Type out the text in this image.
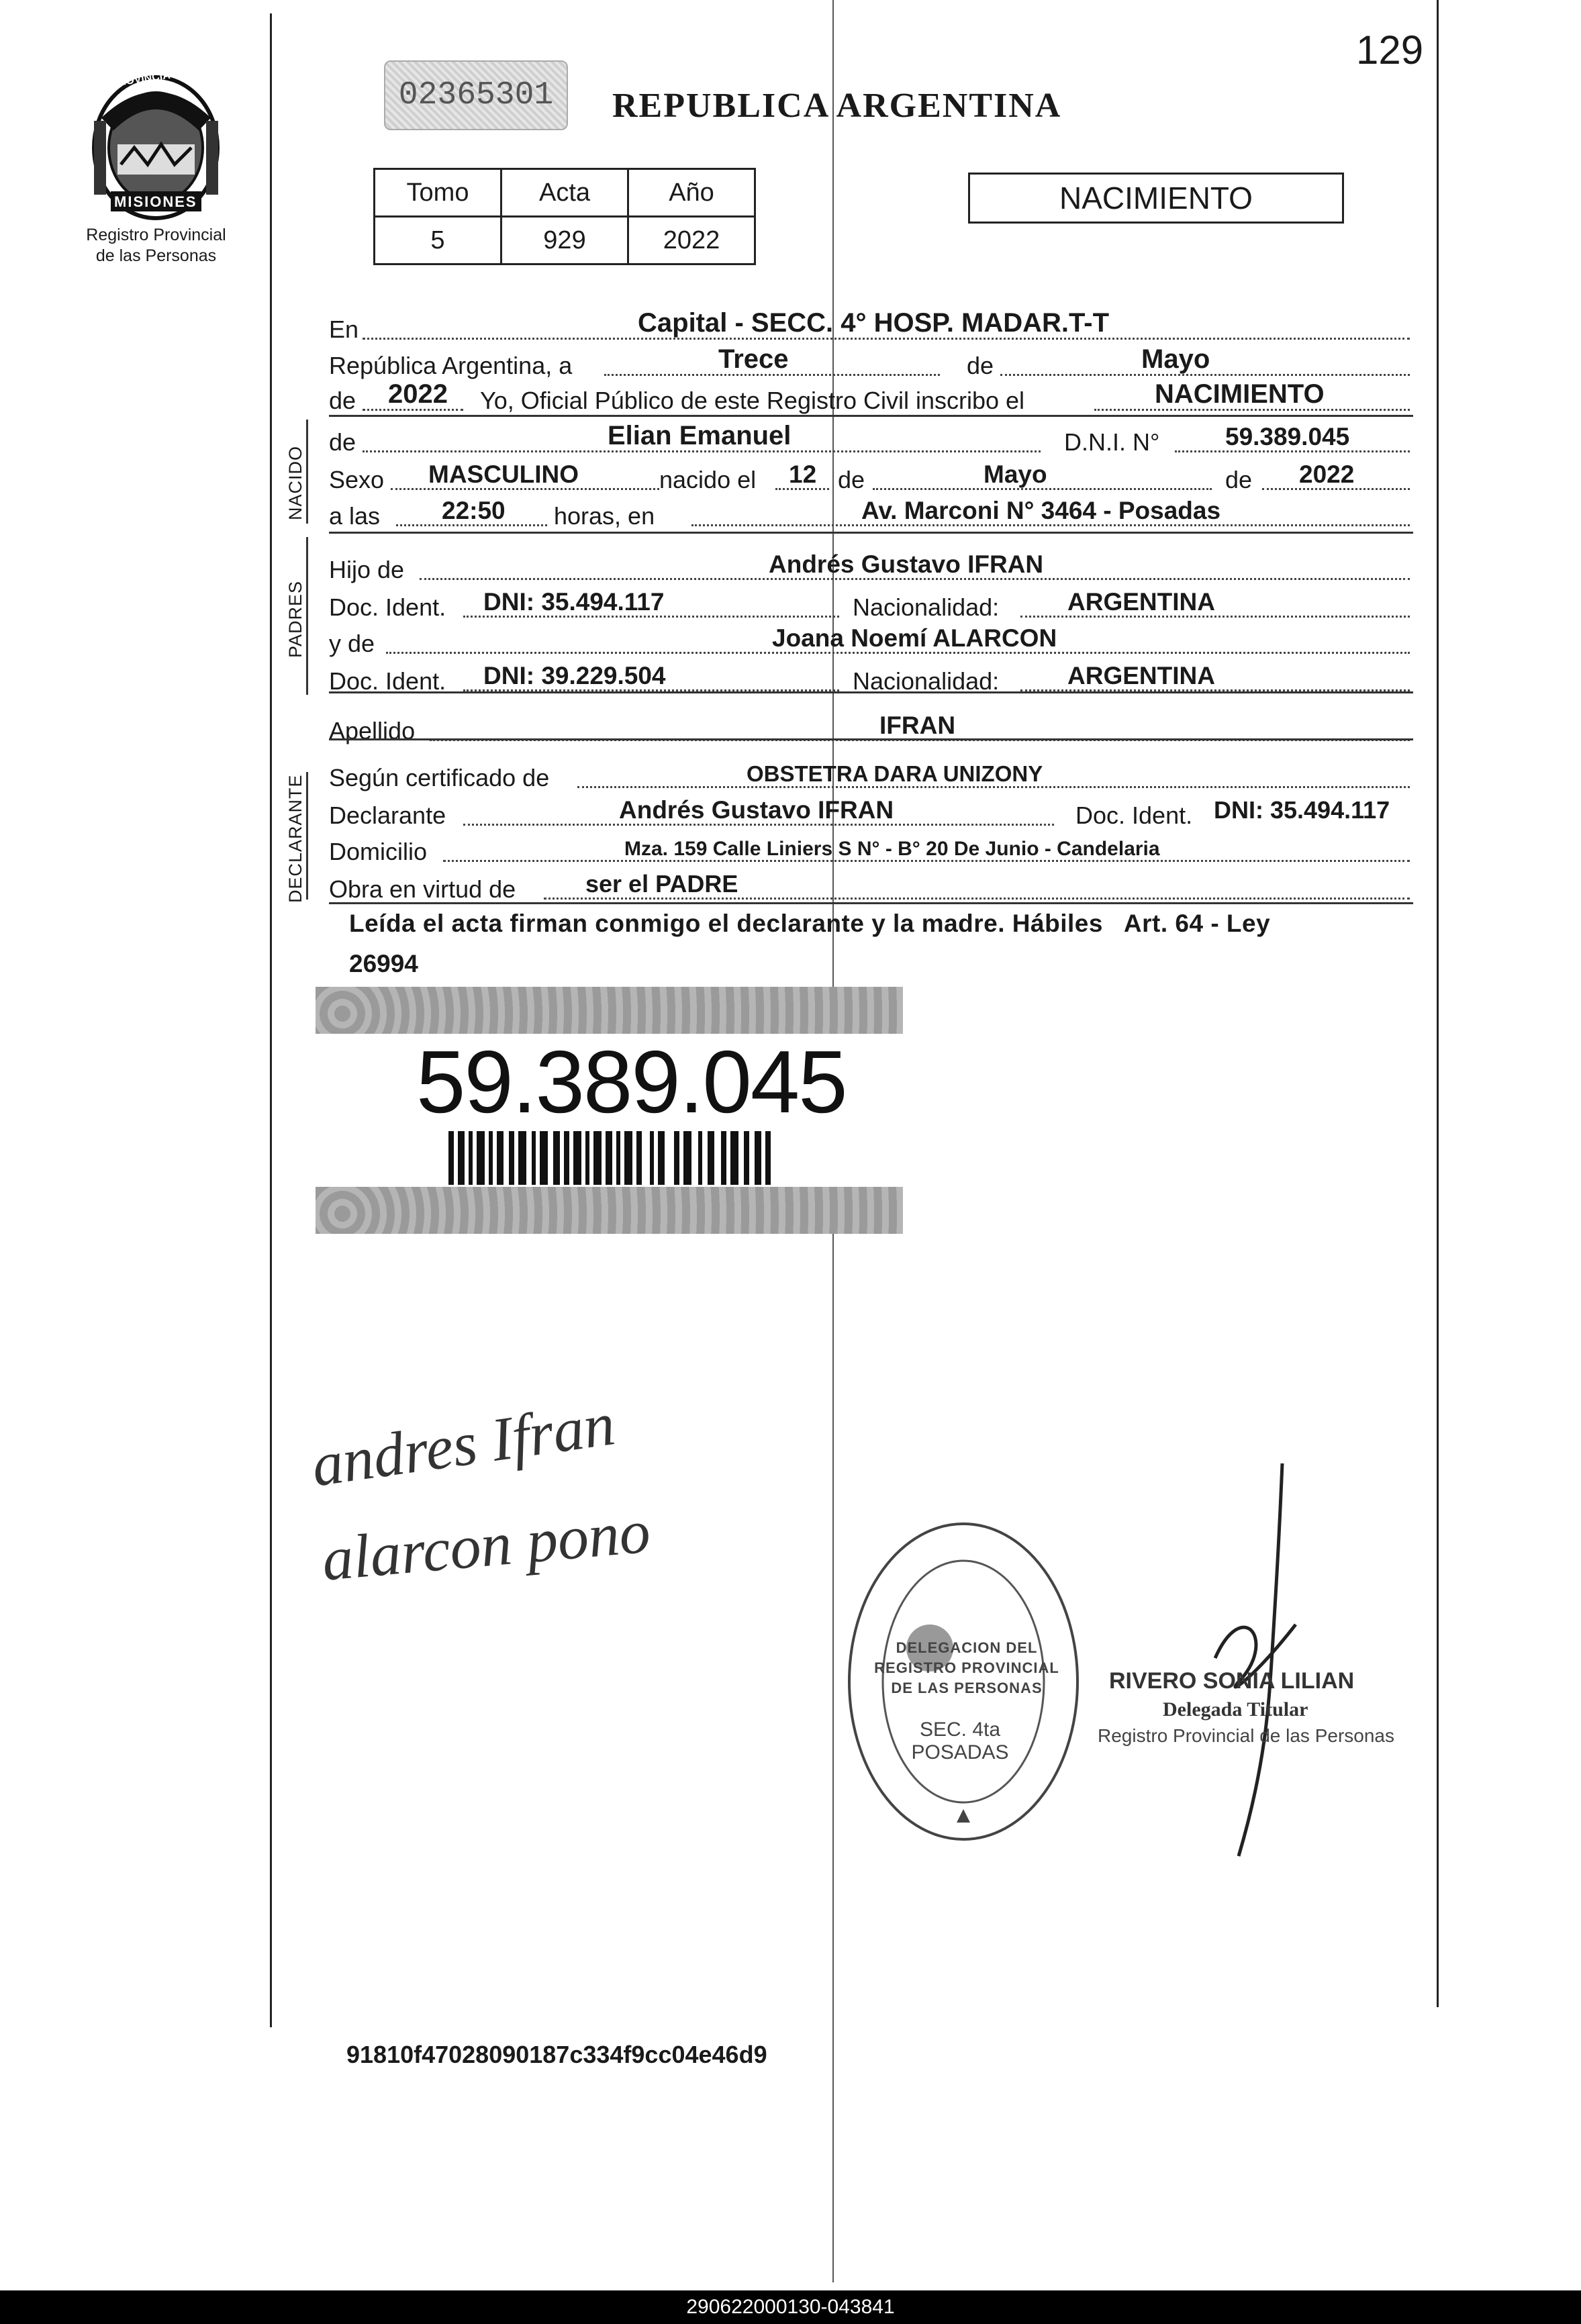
129
PROVINCIA DE
MISIONES
Registro Provincial
de las Personas
02365301	REPUBLICA ARGENTINA
Tomo	Acta	Año
5	929	2022
NACIMIENTO
En	Capital - SECC. 4° HOSP. MADAR.T-T
República Argentina, a	Trece	de	Mayo
de 2022 Yo, Oficial Público de este Registro Civil inscribo el	NACIMIENTO
NACIDO
de	Elian Emanuel	D.N.I. N°	59.389.045
Sexo MASCULINO	nacido el 12 de	Mayo	de 2022
a las 22:50 horas, en	Av. Marconi N° 3464 - Posadas
PADRES
Hijo de	Andrés Gustavo IFRAN
Doc. Ident. DNI: 35.494.117	Nacionalidad:	ARGENTINA
y de	Joana Noemí ALARCON
Doc. Ident. DNI: 39.229.504	Nacionalidad:	ARGENTINA
Apellido	IFRAN
DECLARANTE Según certificado de	OBSTETRA DARA UNIZONY
Declarante	Andrés Gustavo IFRAN	Doc. Ident. DNI: 35.494.117
Domicilio	Mza. 159 Calle Liniers S N° - B° 20 De Junio - Candelaria
Obra en virtud de	ser el PADRE
Leída el acta firman conmigo el declarante y la madre. Hábiles   Art. 64 - Ley
26994
59.389.045
andres Ifran
alarcon pono
DELEGACION DEL REGISTRO PROVINCIAL DE LAS PERSONAS
SEC. 4ta POSADAS
RIVERO SONIA LILIAN
Delegada Titular
Registro Provincial de las Personas
91810f47028090187c334f9cc04e46d9
290622000130-043841
